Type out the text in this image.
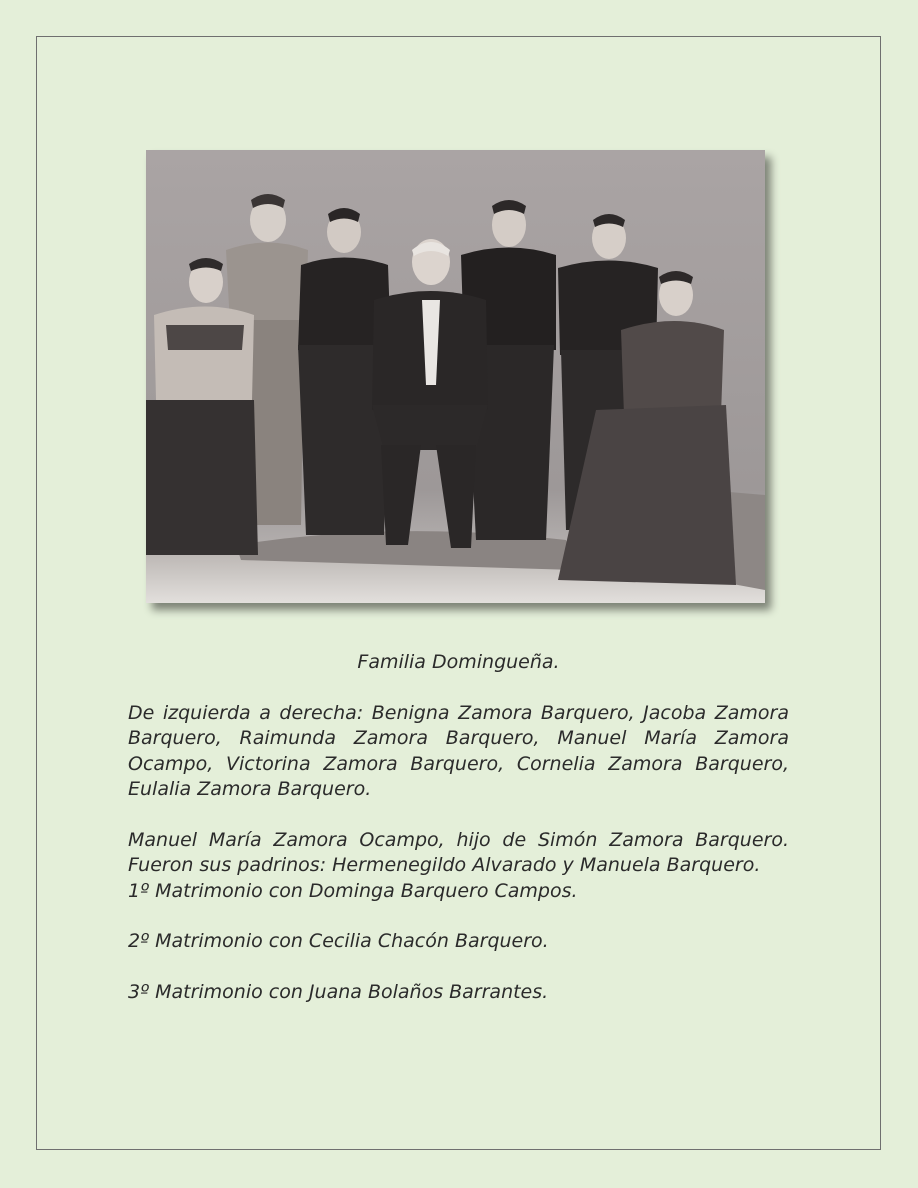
Familia Domingueña.

De izquierda a derecha: Benigna Zamora Barquero, Jacoba Zamora Barquero, Raimunda Zamora Barquero, Manuel María Zamora Ocampo, Victorina Zamora Barquero, Cornelia Zamora Barquero, Eulalia Zamora Barquero.

Manuel María Zamora Ocampo, hijo de Simón Zamora Barquero. Fueron sus padrinos: Hermenegildo Alvarado y Manuela Barquero.

1º Matrimonio con Dominga Barquero Campos.

2º Matrimonio con Cecilia Chacón Barquero.

3º Matrimonio con Juana Bolaños Barrantes.
